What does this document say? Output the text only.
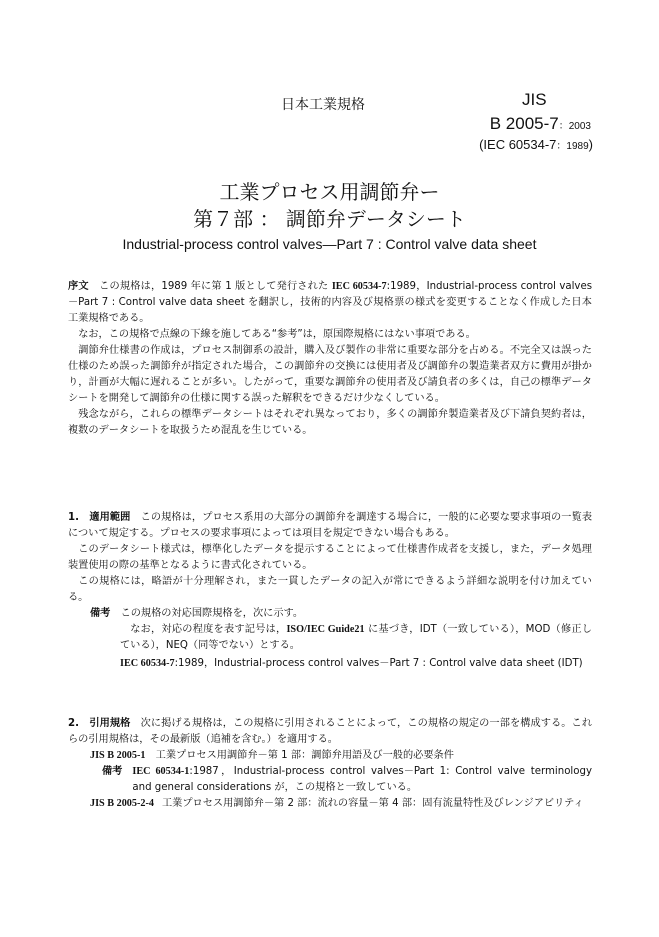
日本工業規格	JIS
B 2005-7：2003
(IEC 60534-7：1989)
工業プロセス用調節弁ー
第７部 ： 調節弁データシート
Industrial-process control valves―Part 7 : Control valve data sheet

序文　 この規格は，1989 年に第 1 版として発行された IEC 60534-7:1989，Industrial-process control valves－Part 7 : Control valve data sheet を翻訳し，技術的内容及び規格票の様式を変更することなく作成した日本工業規格である。

なお，この規格で点線の下線を施してある“参考”は，原国際規格にはない事項である。

調節弁仕様書の作成は，プロセス制御系の設計，購入及び製作の非常に重要な部分を占める。不完全又は誤った仕様のため誤った調節弁が指定された場合，この調節弁の交換には使用者及び調節弁の製造業者双方に費用が掛かり，計画が大幅に遅れることが多い。したがって，重要な調節弁の使用者及び請負者の多くは，自己の標準データシートを開発して調節弁の仕様に関する誤った解釈をできるだけ少なくしている。

残念ながら，これらの標準データシートはそれぞれ異なっており，多くの調節弁製造業者及び下請負契約者は，複数のデータシートを取扱うため混乱を生じている。

1.　 適用範囲　 この規格は，プロセス系用の大部分の調節弁を調達する場合に，一般的に必要な要求事項の一覧表について規定する。プロセスの要求事項によっては項目を規定できない場合もある。

このデータシート様式は，標準化したデータを提示することによって仕様書作成者を支援し，また，データ処理装置使用の際の基準となるように書式化されている。

この規格には，略語が十分理解され，また一貫したデータの記入が常にできるよう詳細な説明を付け加えている。

備考　 この規格の対応国際規格を，次に示す。

なお，対応の程度を表す記号は，ISO/IEC Guide21 に基づき，IDT（一致している），MOD（修正している），NEQ（同等でない）とする。

IEC 60534-7:1989，Industrial-process control valves－Part 7 : Control valve data sheet (IDT)

2.　 引用規格　 次に掲げる規格は，この規格に引用されることによって，この規格の規定の一部を構成する。これらの引用規格は，その最新版（追補を含む。）を適用する。

JIS B 2005-1　 工業プロセス用調節弁－第 1 部：調節弁用語及び一般的必要条件

備考 IEC 60534-1:1987，Industrial-process control valves－Part 1: Control valve terminology and general considerations が，この規格と一致している。

JIS B 2005-2-4 工業プロセス用調節弁－第 2 部：流れの容量－第 4 部：固有流量特性及びレンジアビリティ
